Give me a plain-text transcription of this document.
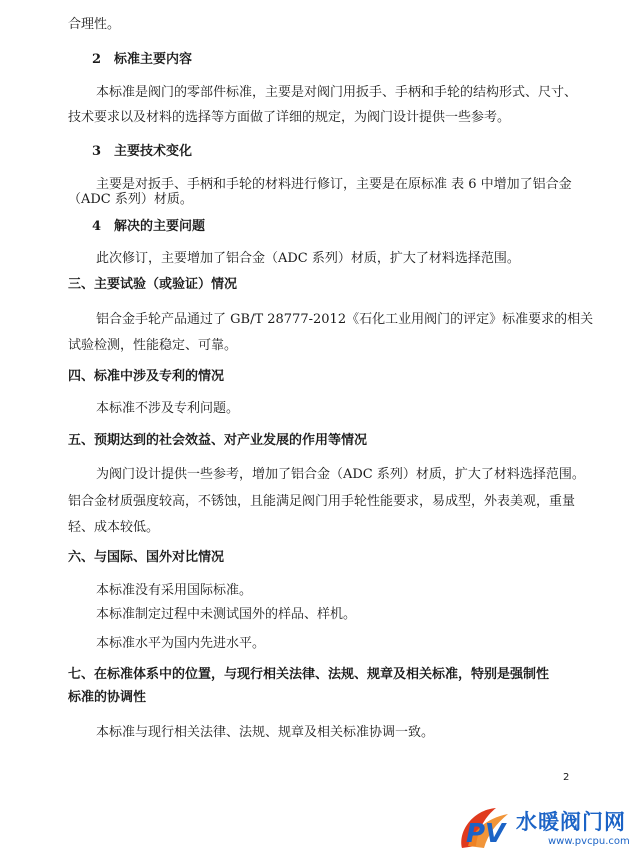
合理性。
2　标准主要内容
本标准是阀门的零部件标准，主要是对阀门用扳手、手柄和手轮的结构形式、尺寸、
技术要求以及材料的选择等方面做了详细的规定，为阀门设计提供一些参考。
3　主要技术变化
主要是对扳手、手柄和手轮的材料进行修订，主要是在原标准 表 6 中增加了铝合金
（ADC 系列）材质。
4　解决的主要问题
此次修订，主要增加了铝合金（ADC 系列）材质，扩大了材料选择范围。
三、主要试验（或验证）情况
铝合金手轮产品通过了 GB/T 28777-2012《石化工业用阀门的评定》标准要求的相关
试验检测，性能稳定、可靠。
四、标准中涉及专利的情况
本标准不涉及专利问题。
五、预期达到的社会效益、对产业发展的作用等情况
为阀门设计提供一些参考，增加了铝合金（ADC 系列）材质，扩大了材料选择范围。
铝合金材质强度较高，不锈蚀，且能满足阀门用手轮性能要求，易成型，外表美观，重量
轻、成本较低。
六、与国际、国外对比情况
本标准没有采用国际标准。
本标准制定过程中未测试国外的样品、样机。
本标准水平为国内先进水平。
七、在标准体系中的位置，与现行相关法律、法规、规章及相关标准，特别是强制性
标准的协调性
本标准与现行相关法律、法规、规章及相关标准协调一致。
2
PV 水暖阀门网
www.pvcpu.com
